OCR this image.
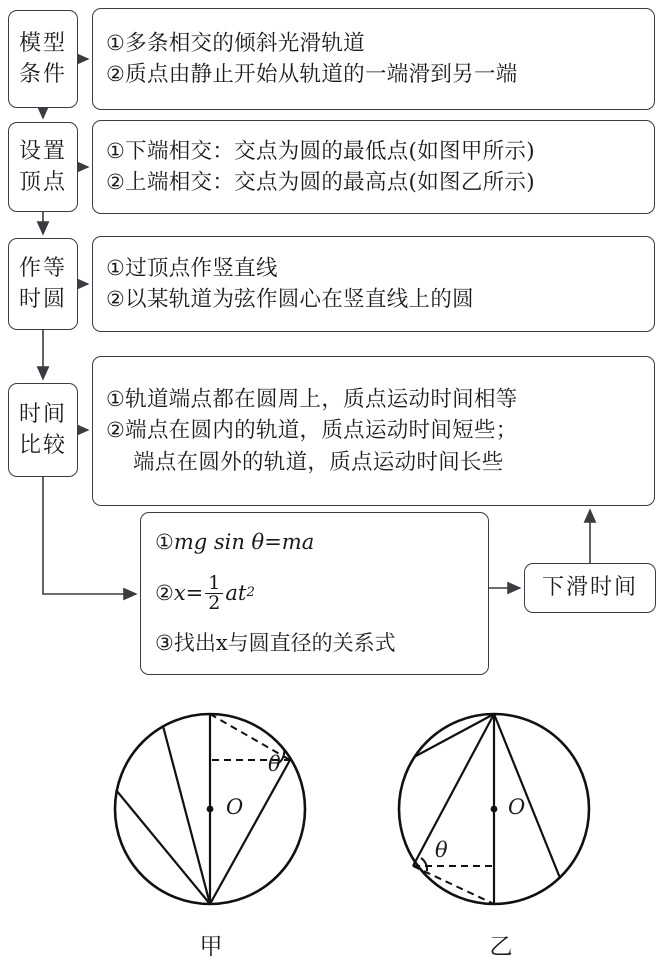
模型
条件
设置
顶点
作等
时圆
时间
比较
①多条相交的倾斜光滑轨道
②质点由静止开始从轨道的一端滑到另一端
①下端相交：交点为圆的最低点(如图甲所示)
②上端相交：交点为圆的最高点(如图乙所示)
①过顶点作竖直线
②以某轨道为弦作圆心在竖直线上的圆
①轨道端点都在圆周上，质点运动时间相等
②端点在圆内的轨道，质点运动时间短些；
端点在圆外的轨道，质点运动时间长些
① mg sin θ=ma
② $x= \frac{1}{2}$ at 2
③ 找出x与圆直径的关系式
下滑时间
O	O
θ
θ
甲	乙
